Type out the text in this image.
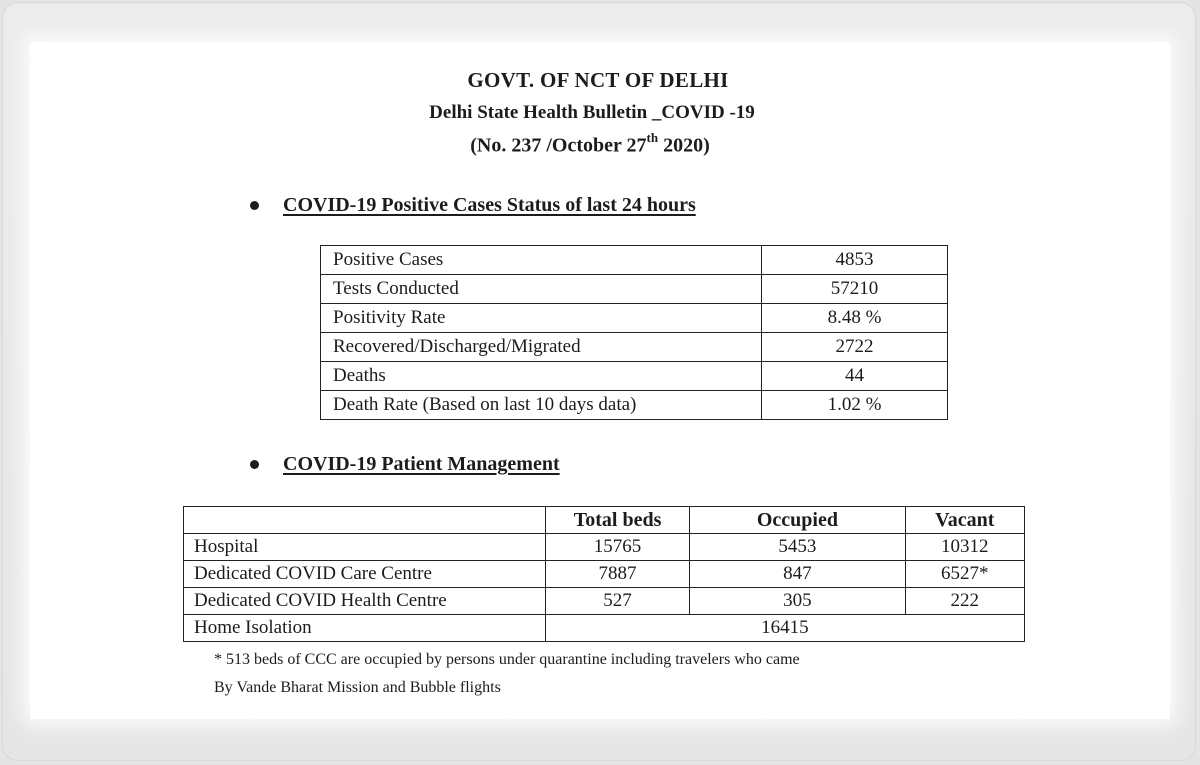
GOVT. OF NCT OF DELHI
Delhi State Health Bulletin _COVID -19
(No. 237 /October 27th 2020)
COVID-19 Positive Cases Status of last 24 hours
Positive Cases	4853
Tests Conducted	57210
Positivity Rate	8.48 %
Recovered/Discharged/Migrated	2722
Deaths	44
Death Rate (Based on last 10 days data)	1.02 %
COVID-19 Patient Management
	Total beds	Occupied	Vacant
Hospital	15765	5453	10312
Dedicated COVID Care Centre	7887	847	6527*
Dedicated COVID Health Centre	527	305	222
Home Isolation	16415		
* 513 beds of CCC are occupied by persons under quarantine including travelers who came
By Vande Bharat Mission and Bubble flights
